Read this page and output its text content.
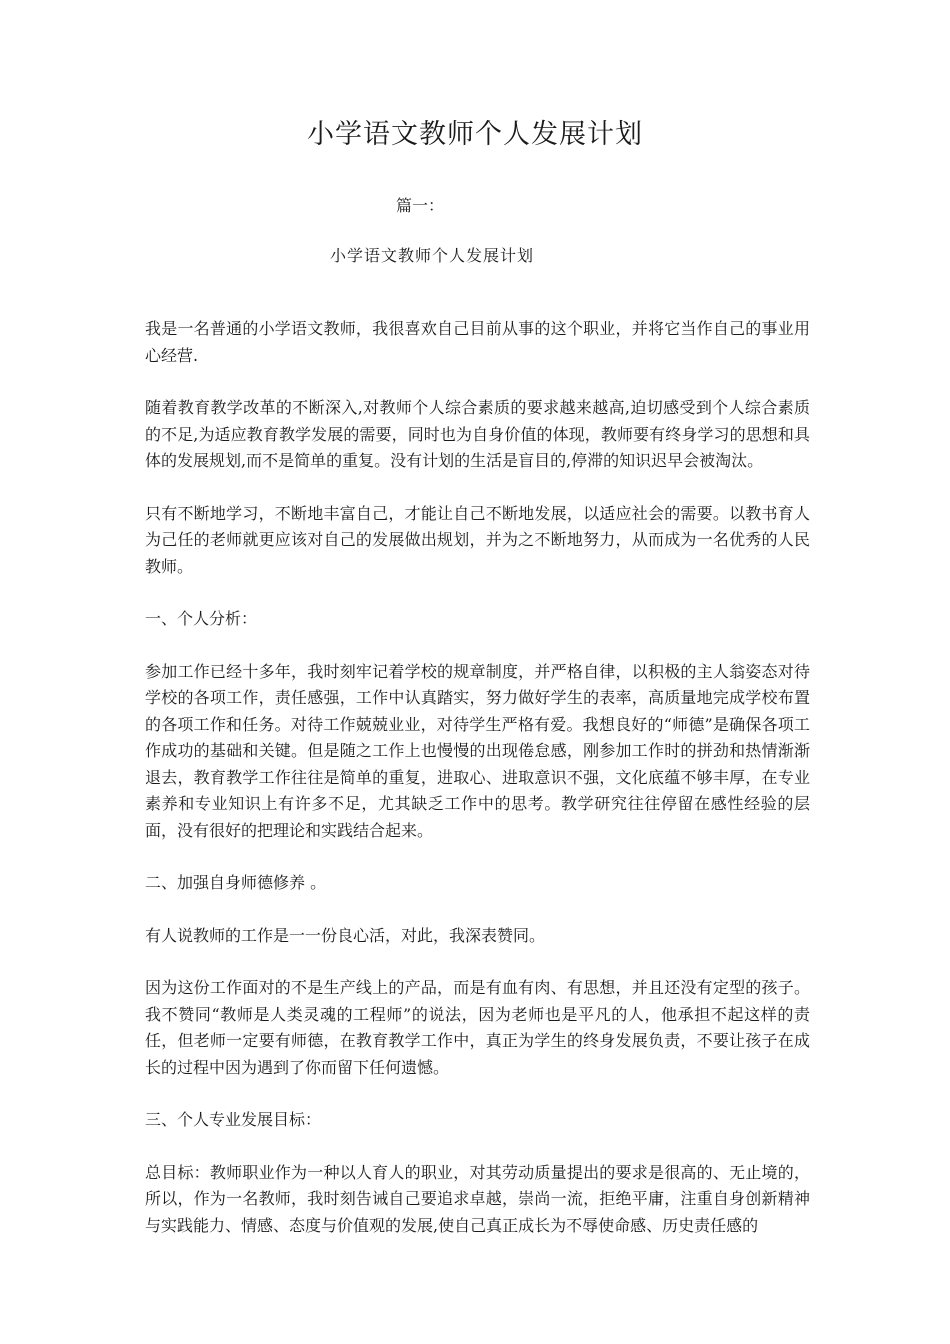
小学语文教师个人发展计划
篇一：
小学语文教师个人发展计划

我是一名普通的小学语文教师，我很喜欢自己目前从事的这个职业，并将它当作自己的事业用心经营.

随着教育教学改革的不断深入,对教师个人综合素质的要求越来越高,迫切感受到个人综合素质的不足,为适应教育教学发展的需要，同时也为自身价值的体现，教师要有终身学习的思想和具体的发展规划,而不是简单的重复。没有计划的生活是盲目的,停滞的知识迟早会被淘汰。

只有不断地学习，不断地丰富自己，才能让自己不断地发展，以适应社会的需要。以教书育人为己任的老师就更应该对自己的发展做出规划，并为之不断地努力，从而成为一名优秀的人民教师。

一、个人分析：

参加工作已经十多年，我时刻牢记着学校的规章制度，并严格自律，以积极的主人翁姿态对待学校的各项工作，责任感强，工作中认真踏实，努力做好学生的表率，高质量地完成学校布置的各项工作和任务。对待工作兢兢业业，对待学生严格有爱。我想良好的“师德”是确保各项工作成功的基础和关键。但是随之工作上也慢慢的出现倦怠感，刚参加工作时的拼劲和热情渐渐退去，教育教学工作往往是简单的重复，进取心、进取意识不强，文化底蕴不够丰厚，在专业素养和专业知识上有许多不足，尤其缺乏工作中的思考。教学研究往往停留在感性经验的层面，没有很好的把理论和实践结合起来。

二、加强自身师德修养 。

有人说教师的工作是一一份良心活，对此，我深表赞同。

因为这份工作面对的不是生产线上的产品，而是有血有肉、有思想，并且还没有定型的孩子。我不赞同“教师是人类灵魂的工程师”的说法，因为老师也是平凡的人，他承担不起这样的责任，但老师一定要有师德，在教育教学工作中，真正为学生的终身发展负责，不要让孩子在成长的过程中因为遇到了你而留下任何遗憾。

三、个人专业发展目标：

总目标：教师职业作为一种以人育人的职业，对其劳动质量提出的要求是很高的、无止境的，所以，作为一名教师，我时刻告诫自己要追求卓越，崇尚一流，拒绝平庸，注重自身创新精神与实践能力、情感、态度与价值观的发展,使自己真正成长为不辱使命感、历史责任感的
